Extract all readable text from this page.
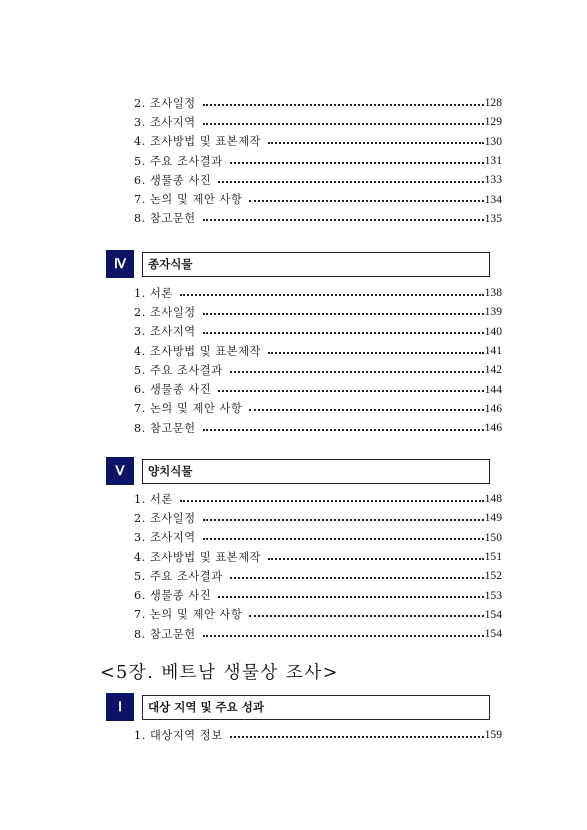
2. 조사일정	128
3. 조사지역	129
4. 조사방법 및 표본제작	130
5. 주요 조사결과	131
6. 생물종 사진	133
7. 논의 및 제안 사항	134
8. 참고문헌	135
Ⅳ	종자식물
1. 서론	138
2. 조사일정	139
3. 조사지역	140
4. 조사방법 및 표본제작	141
5. 주요 조사결과	142
6. 생물종 사진	144
7. 논의 및 제안 사항	146
8. 참고문헌	146
Ⅴ	양치식물
1. 서론	148
2. 조사일정	149
3. 조사지역	150
4. 조사방법 및 표본제작	151
5. 주요 조사결과	152
6. 생물종 사진	153
7. 논의 및 제안 사항	154
8. 참고문헌	154
<5장. 베트남 생물상 조사>
Ⅰ	대상 지역 및 주요 성과
1. 대상지역 정보	159
